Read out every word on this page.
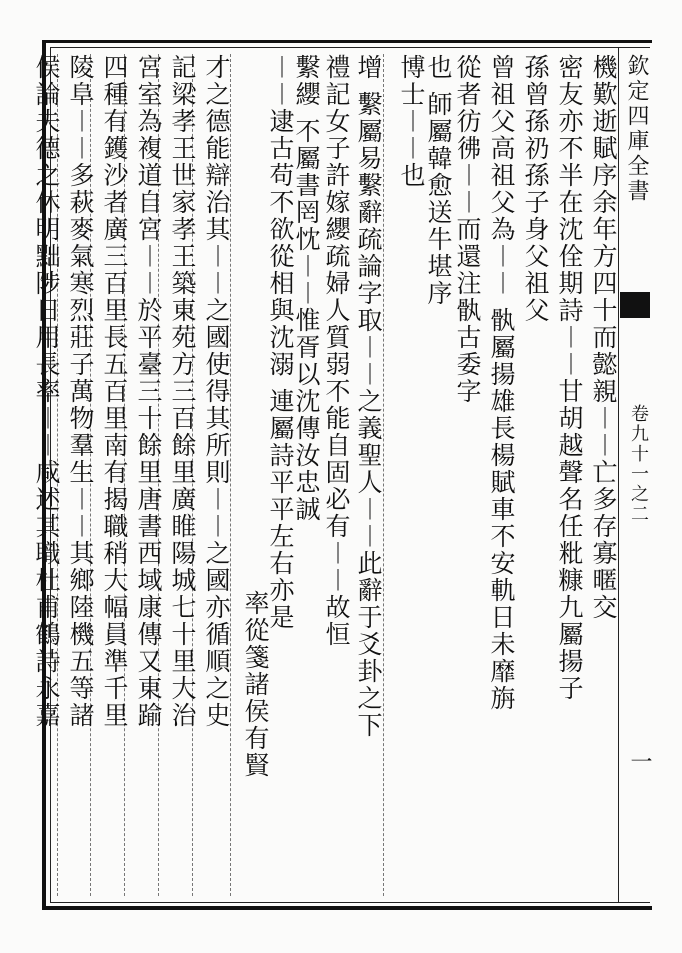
欽定四庫全書
卷九十一之二
一
機歎逝賦序余年方四十而懿親︱︱亡多存寡暱交
密友亦不半在沈佺期詩︱︱甘胡越聲名任粃糠九屬揚子
孫曾孫礽孫子身父祖父
曾祖父高祖父為︱︱ 骫屬揚雄長楊賦車不安軌日未靡旃
從者彷彿︱︱而還注骫古委字
也 師屬韓愈送牛堪序
博士︱︱也
增 繫屬易繫辭疏論字取︱︱之義聖人︱︱此辭于爻卦之下
禮記女子許嫁纓疏婦人質弱不能自固必有︱︱故恒
繫纓 不屬書罔忱︱︱惟胥以沈傳汝忠誠
︱︱逮古苟不欲從相與沈溺 連屬詩平平左右亦是
率從箋諸侯有賢
才之德能辯治其︱︱之國使得其所則︱︱之國亦循順之史
記梁孝王世家孝王築東苑方三百餘里廣睢陽城七十里大治
宮室為複道自宮︱︱於平臺三十餘里唐書西域康傳又東踰
四種有鑊沙者廣三百里長五百里南有揭職稍大幅員準千里
陵阜︱︱多萩麥氣寒烈莊子萬物羣生︱︱其鄉陸機五等諸
侯論夫德之休明黜陟日用長率︱︱咸述其職杜甫鶴詩永嘉
